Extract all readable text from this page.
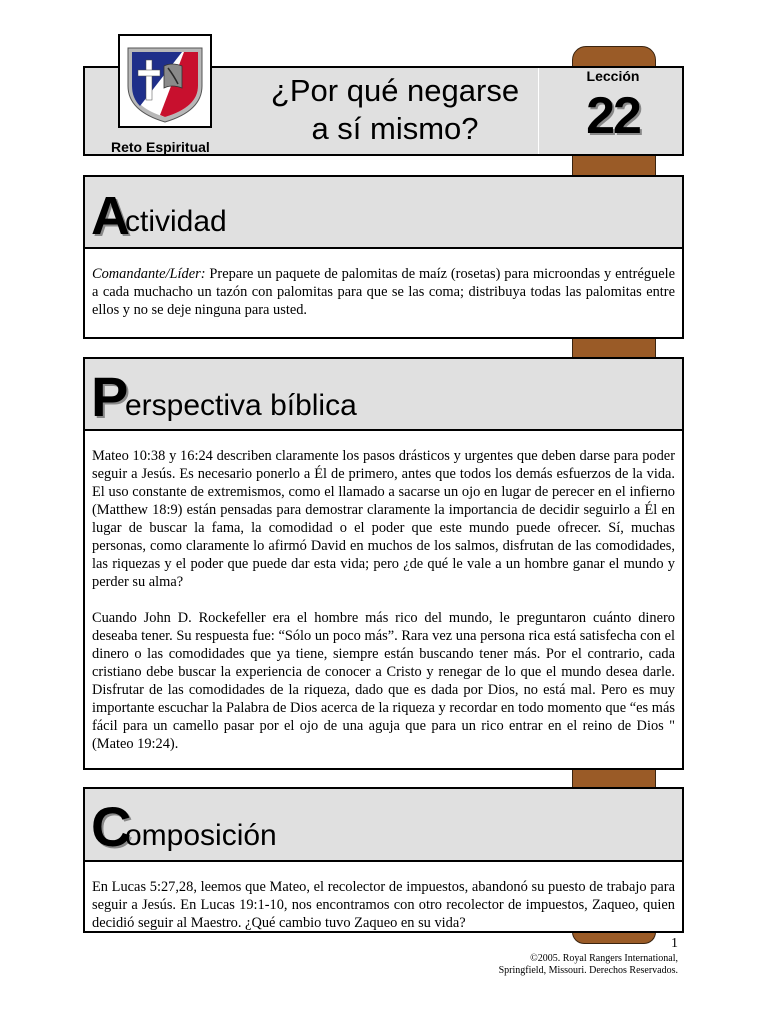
Reto Espiritual
¿Por qué negarse
a sí mismo?
Lección
22
A
ctividad
Comandante/Líder: Prepare un paquete de palomitas de maíz (rosetas) para microondas y entréguele a cada muchacho un tazón con palomitas para que se las coma; distribuya todas las palomitas entre ellos y no se deje ninguna para usted.
P
erspectiva bíblica

Mateo 10:38 y 16:24 describen claramente los pasos drásticos y urgentes que deben darse para poder seguir a Jesús. Es necesario ponerlo a Él de primero, antes que todos los demás esfuerzos de la vida. El uso constante de extremismos, como el llamado a sacarse un ojo en lugar de perecer en el infierno (Matthew 18:9) están pensadas para demostrar claramente la importancia de decidir seguirlo a Él en lugar de buscar la fama, la comodidad o el poder que este mundo puede ofrecer. Sí, muchas personas, como claramente lo afirmó David en muchos de los salmos, disfrutan de las comodidades, las riquezas y el poder que puede dar esta vida; pero ¿de qué le vale a un hombre ganar el mundo y perder su alma?

Cuando John D. Rockefeller era el hombre más rico del mundo, le preguntaron cuánto dinero deseaba tener. Su respuesta fue: “Sólo un poco más”. Rara vez una persona rica está satisfecha con el dinero o las comodidades que ya tiene, siempre están buscando tener más. Por el contrario, cada cristiano debe buscar la experiencia de conocer a Cristo y renegar de lo que el mundo desea darle. Disfrutar de las comodidades de la riqueza, dado que es dada por Dios, no está mal. Pero es muy importante escuchar la Palabra de Dios acerca de la riqueza y recordar en todo momento que “es más fácil para un camello pasar por el ojo de una aguja que para un rico entrar en el reino de Dios " (Mateo 19:24).

C
omposición
En Lucas 5:27,28, leemos que Mateo, el recolector de impuestos, abandonó su puesto de trabajo para seguir a Jesús. En Lucas 19:1-10, nos encontramos con otro recolector de impuestos, Zaqueo, quien decidió seguir al Maestro. ¿Qué cambio tuvo Zaqueo en su vida?
1
©2005. Royal Rangers International,
Springfield, Missouri. Derechos Reservados.
